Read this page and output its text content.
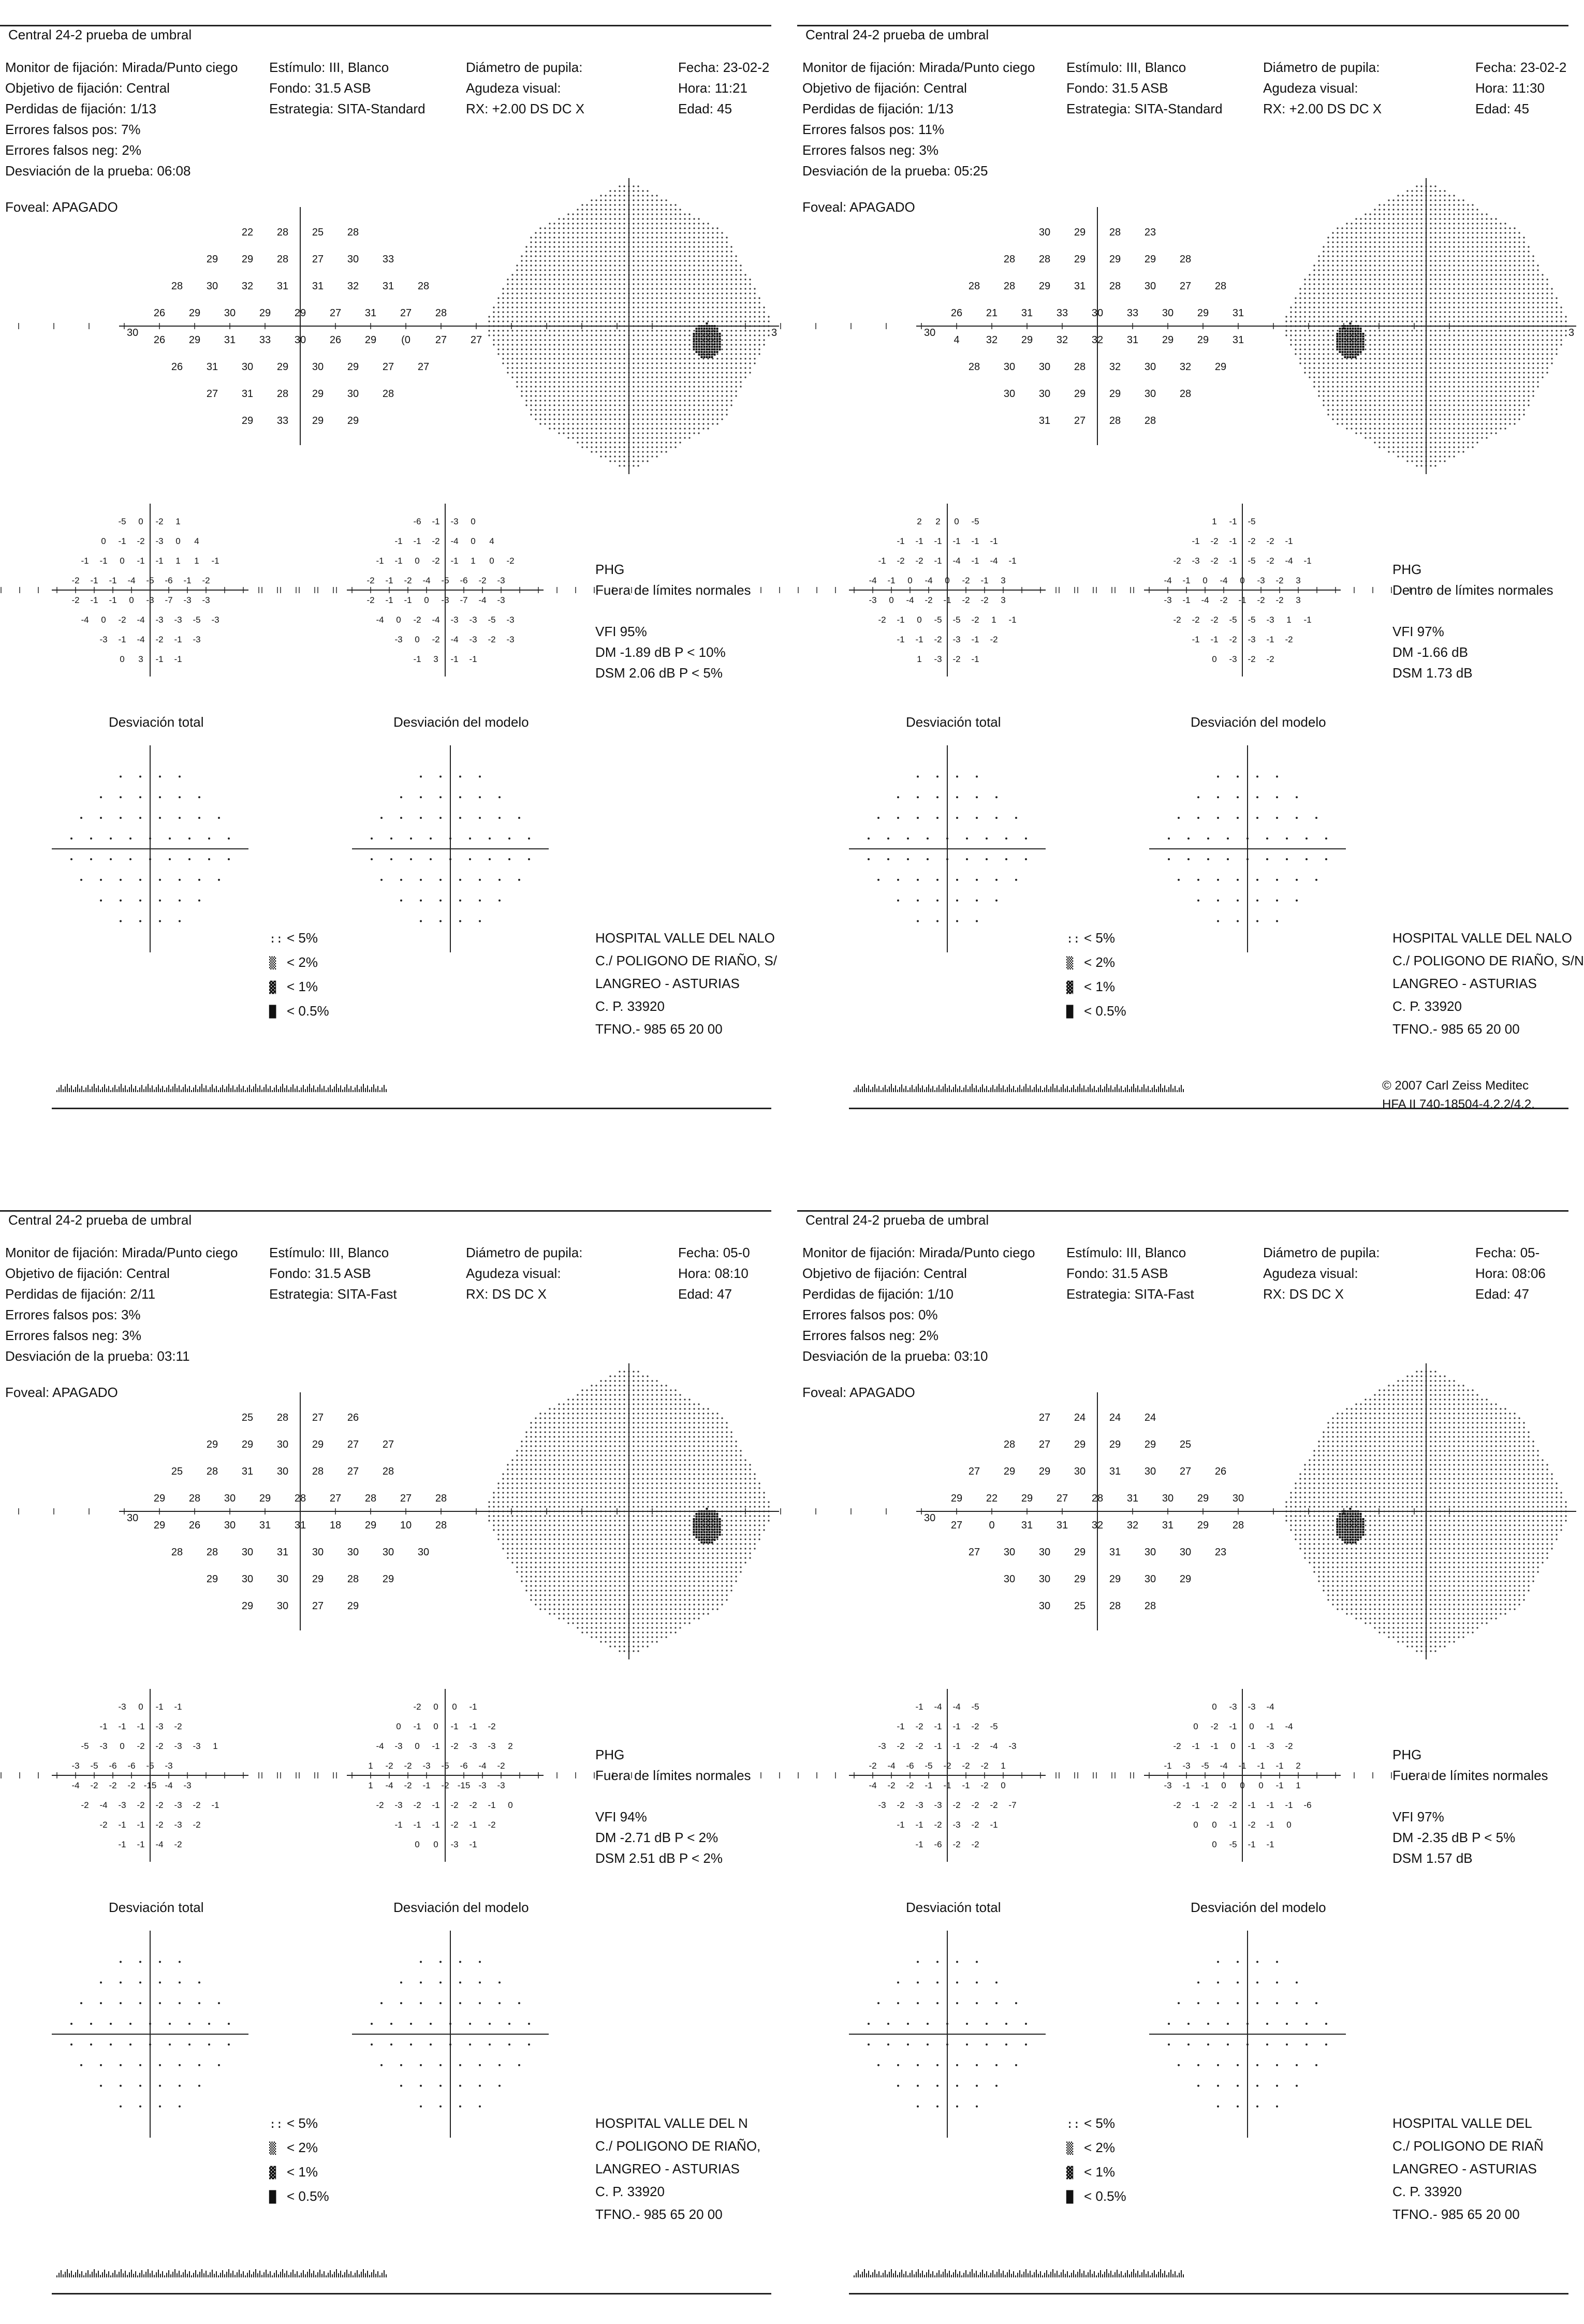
Central 24-2 prueba de umbral
Monitor de fijación: Mirada/Punto ciego
Objetivo de fijación: Central
Perdidas de fijación: 1/13
Errores falsos pos: 7%
Errores falsos neg: 2%
Desviación de la prueba: 06:08
Estímulo: III, Blanco
Fondo: 31.5 ASB
Estrategia: SITA-Standard
Diámetro de pupila:
Agudeza visual:
RX: +2.00 DS DC X
Fecha: 23-02-2
Hora: 11:21
Edad: 45
Foveal: APAGADO
22 28 25 28
29 29 28 27 30 33
28 30 32 31 31 32 31 28
26 29 30 29 29 27 31 27 28
26 29 31 33 30 26 29 (0 27 27
26 31 30 29 30 29 27 27
27 31 28 29 30 28
29 33 29 29
30	3
-5 0 -2 1
0 -1 -2 -3 0 4
-1 -1 0 -1 -1 1 1 -1
-2 -1 -1 -4 -5 -6 -1 -2
-2 -1 -1 0 -3 -7 -3 -3
-4 0 -2 -4 -3 -3 -5 -3
-3 -1 -4 -2 -1 -3
0 3 -1 -1
-6 -1 -3 0
-1 -1 -2 -4 0 4
-1 -1 0 -2 -1 1 0 -2
-2 -1 -2 -4 -5 -6 -2 -3
-2 -1 -1 0 -3 -7 -4 -3
-4 0 -2 -4 -3 -3 -5 -3
-3 0 -2 -4 -3 -2 -3
-1 3 -1 -1
PHG
Fuera de límites normales

VFI 95%
DM -1.89 dB P < 10%
DSM 2.06 dB P < 5%
Desviación total	Desviación del modelo
:: < 5%
▒ < 2%
▓ < 1%
█ < 0.5%
HOSPITAL VALLE DEL NALO
C./ POLIGONO DE RIAÑO, S/
LANGREO - ASTURIAS
C. P. 33920
TFNO.- 985 65 20 00
Central 24-2 prueba de umbral
Monitor de fijación: Mirada/Punto ciego
Objetivo de fijación: Central
Perdidas de fijación: 1/13
Errores falsos pos: 11%
Errores falsos neg: 3%
Desviación de la prueba: 05:25
Estímulo: III, Blanco
Fondo: 31.5 ASB
Estrategia: SITA-Standard
Diámetro de pupila:
Agudeza visual:
RX: +2.00 DS DC X
Fecha: 23-02-2
Hora: 11:30
Edad: 45
Foveal: APAGADO
30 29 28 23
28 28 29 29 29 28
28 28 29 31 28 30 27 28
26 21 31 33 30 33 30 29 31
4	32 29 32 32 31 29 29 31
28 30 30 28 32 30 32 29
30 30 29 29 30 28
31 27 28 28
30	3
2 2 0 -5
-1 -1 -1 -1 -1 -1
-1 -2 -2 -1 -4 -1 -4 -1
-4 -1 0 -4 0 -2 -1 3
-3 0 -4 -2 -1 -2 -2 3
-2 -1 0 -5 -5 -2 1 -1
-1 -1 -2 -3 -1 -2
1 -3 -2 -1
1 -1 -5
-1 -2 -1 -2 -2 -1
-2 -3 -2 -1 -5 -2 -4 -1
-4 -1 0 -4 0 -3 -2 3
-3 -1 -4 -2 -1 -2 -2 3
-2 -2 -2 -5 -5 -3 1 -1
-1 -1 -2 -3 -1 -2
0 -3 -2 -2
PHG
Dentro de límites normales

VFI 97%
DM -1.66 dB
DSM 1.73 dB
Desviación total	Desviación del modelo
:: < 5%
▒ < 2%
▓ < 1%
█ < 0.5%
HOSPITAL VALLE DEL NALO
C./ POLIGONO DE RIAÑO, S/N
LANGREO - ASTURIAS
C. P. 33920
TFNO.- 985 65 20 00
© 2007 Carl Zeiss Meditec
HFA II 740-18504-4.2.2/4.2.
Central 24-2 prueba de umbral
Monitor de fijación: Mirada/Punto ciego
Objetivo de fijación: Central
Perdidas de fijación: 2/11
Errores falsos pos: 3%
Errores falsos neg: 3%
Desviación de la prueba: 03:11
Estímulo: III, Blanco
Fondo: 31.5 ASB
Estrategia: SITA-Fast
Diámetro de pupila:
Agudeza visual:
RX: DS DC X
Fecha: 05-0
Hora: 08:10
Edad: 47
Foveal: APAGADO
25 28 27 26
29 29 30 29 27 27
25 28 31 30 28 27 28
29 28 30 29 28 27 28 27 28
29 26 30 31 31 18 29 10 28
28 28 30 31 30 30 30 30
29 30 30 29 28 29
29 30 27 29
30
-3 0 -1 -1
-1 -1 -1 -3 -2
-5 -3 0 -2 -2 -3 -3 1
-3 -5 -6 -6 -5 -3
-4 -2 -2 -2 -15 -4 -3
-2 -4 -3 -2 -2 -3 -2 -1
-2 -1 -1 -2 -3 -2
-1 -1 -4 -2
-2 0 0 -1
0 -1 0 -1 -1 -2
-4 -3 0 -1 -2 -3 -3 2
1 -2 -2 -3 -5 -6 -4 -2
1 -4 -2 -1 -2 -15 -3 -3
-2 -3 -2 -1 -2 -2 -1 0
-1 -1 -1 -2 -1 -2
0 0 -3 -1
PHG
Fuera de límites normales

VFI 94%
DM -2.71 dB P < 2%
DSM 2.51 dB P < 2%
Desviación total	Desviación del modelo
:: < 5%
▒ < 2%
▓ < 1%
█ < 0.5%
HOSPITAL VALLE DEL N
C./ POLIGONO DE RIAÑO,
LANGREO - ASTURIAS
C. P. 33920
TFNO.- 985 65 20 00
Central 24-2 prueba de umbral
Monitor de fijación: Mirada/Punto ciego
Objetivo de fijación: Central
Perdidas de fijación: 1/10
Errores falsos pos: 0%
Errores falsos neg: 2%
Desviación de la prueba: 03:10
Estímulo: III, Blanco
Fondo: 31.5 ASB
Estrategia: SITA-Fast
Diámetro de pupila:
Agudeza visual:
RX: DS DC X
Fecha: 05-
Hora: 08:06
Edad: 47
Foveal: APAGADO
27 24 24 24
28 27 29 29 29 25
27 29 29 30 31 30 27 26
29 22 29 27 28 31 30 29 30
27	0	31 31 32 32 31 29 28
27 30 30 29 31 30 30 23
30 30 29 29 30 29
30 25 28 28
30
-1 -4 -4 -5
-1 -2 -1 -1 -2 -5
-3 -2 -2 -1 -1 -2 -4 -3
-2 -4 -6 -5 -2 -2 -2 1
-4 -2 -2 -1 -1 -1 -2 0
-3 -2 -3 -3 -2 -2 -2 -7
-1 -1 -2 -3 -2 -1
-1 -6 -2 -2
0 -3 -3 -4
0 -2 -1 0 -1 -4
-2 -1 -1 0 -1 -3 -2
-1 -3 -5 -4 -1 -1 -1 2
-3 -1 -1 0 0 0 -1 1
-2 -1 -2 -2 -1 -1 -1 -6
0 0 -1 -2 -1 0
0 -5 -1 -1
PHG
Fuera de límites normales

VFI 97%
DM -2.35 dB P < 5%
DSM 1.57 dB
Desviación total	Desviación del modelo
:: < 5%
▒ < 2%
▓ < 1%
█ < 0.5%
HOSPITAL VALLE DEL
C./ POLIGONO DE RIAÑ
LANGREO - ASTURIAS
C. P. 33920
TFNO.- 985 65 20 00
